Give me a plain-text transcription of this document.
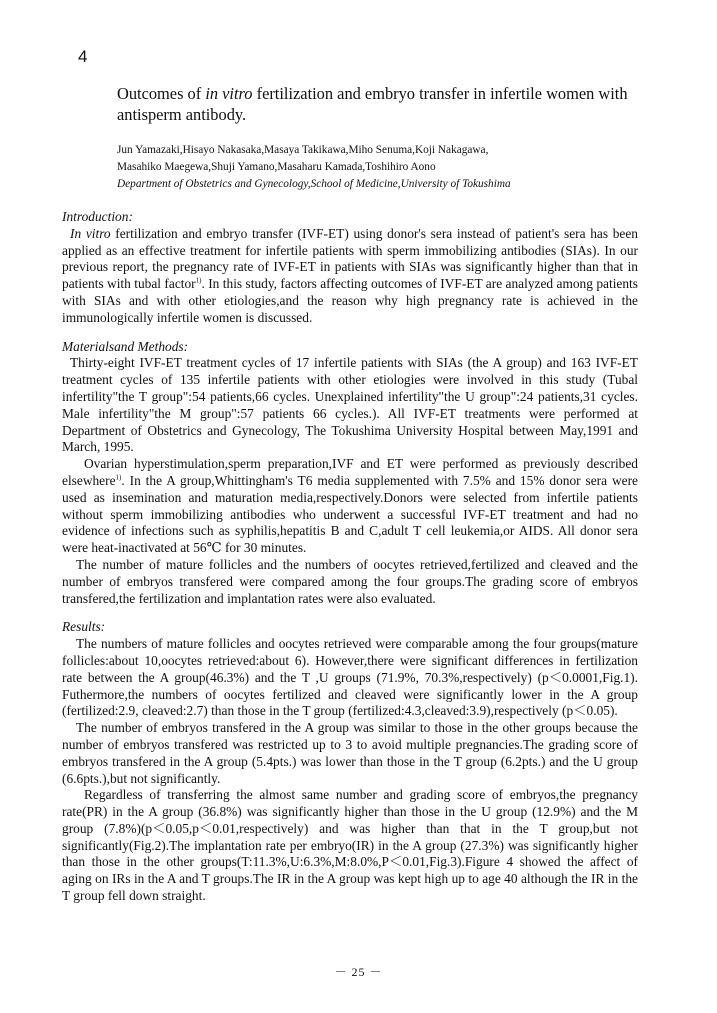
4
Outcomes of in vitro fertilization and embryo transfer in infertile women with antisperm antibody.
Jun Yamazaki,Hisayo Nakasaka,Masaya Takikawa,Miho Senuma,Koji Nakagawa,
Masahiko Maegewa,Shuji Yamano,Masaharu Kamada,Toshihiro Aono
Department of Obstetrics and Gynecology,School of Medicine,University of Tokushima

Introduction:

In vitro fertilization and embryo transfer (IVF-ET) using donor's sera instead of patient's sera has been applied as an effective treatment for infertile patients with sperm immobilizing antibodies (SIAs). In our previous report, the pregnancy rate of IVF-ET in patients with SIAs was significantly higher than that in patients with tubal factor$^{1)}$. In this study, factors affecting outcomes of IVF-ET are analyzed among patients with SIAs and with other etiologies,and the reason why high pregnancy rate is achieved in the immunologically infertile women is discussed.

Materialsand Methods:

Thirty-eight IVF-ET treatment cycles of 17 infertile patients with SIAs (the A group) and 163 IVF-ET treatment cycles of 135 infertile patients with other etiologies were involved in this study (Tubal infertility"the T group":54 patients,66 cycles. Unexplained infertility"the U group":24 patients,31 cycles. Male infertility"the M group":57 patients 66 cycles.). All IVF-ET treatments were performed at Department of Obstetrics and Gynecology, The Tokushima University Hospital between May,1991 and March, 1995.

Ovarian hyperstimulation,sperm preparation,IVF and ET were performed as previously described elsewhere$^{1)}$. In the A group,Whittingham's T6 media supplemented with 7.5% and 15% donor sera were used as insemination and maturation media,respectively.Donors were selected from infertile patients without sperm immobilizing antibodies who underwent a successful IVF-ET treatment and had no evidence of infections such as syphilis,hepatitis B and C,adult T cell leukemia,or AIDS. All donor sera were heat-inactivated at 56℃ for 30 minutes.

The number of mature follicles and the numbers of oocytes retrieved,fertilized and cleaved and the number of embryos transfered were compared among the four groups.The grading score of embryos transfered,the fertilization and implantation rates were also evaluated.

Results:

The numbers of mature follicles and oocytes retrieved were comparable among the four groups(mature follicles:about 10,oocytes retrieved:about 6). However,there were significant differences in fertilization rate between the A group(46.3%) and the T ,U groups (71.9%, 70.3%,respectively) (p＜0.0001,Fig.1). Futhermore,the numbers of oocytes fertilized and cleaved were significantly lower in the A group (fertilized:2.9, cleaved:2.7) than those in the T group (fertilized:4.3,cleaved:3.9),respectively (p＜0.05).

The number of embryos transfered in the A group was similar to those in the other groups because the number of embryos transfered was restricted up to 3 to avoid multiple pregnancies.The grading score of embryos transfered in the A group (5.4pts.) was lower than those in the T group (6.2pts.) and the U group (6.6pts.),but not significantly.

Regardless of transferring the almost same number and grading score of embryos,the pregnancy rate(PR) in the A group (36.8%) was significantly higher than those in the U group (12.9%) and the M group (7.8%)(p＜0.05,p＜0.01,respectively) and was higher than that in the T group,but not significantly(Fig.2).The implantation rate per embryo(IR) in the A group (27.3%) was significantly higher than those in the other groups(T:11.3%,U:6.3%,M:8.0%,P＜0.01,Fig.3).Figure 4 showed the affect of aging on IRs in the A and T groups.The IR in the A group was kept high up to age 40 although the IR in the T group fell down straight.

－ 25 －
